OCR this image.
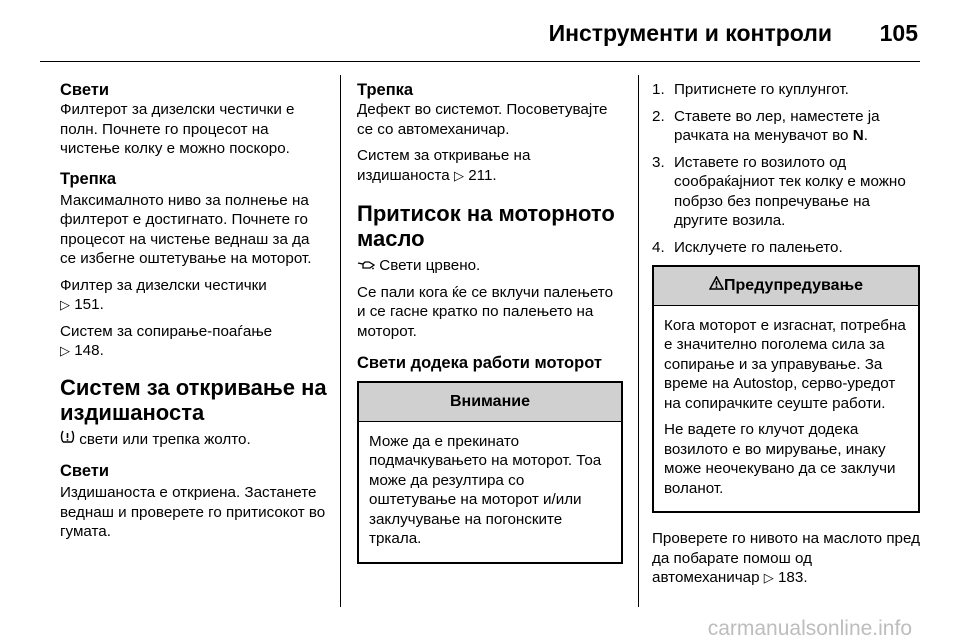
Инструменти и контроли 105
Свети

Филтерот за дизелски честички е полн. Почнете го процесот на чистење колку е можно поскоро.

Трепка

Максималното ниво за полнење на филтерот е достигнато. Почнете го процесот на чистење веднаш за да се избегне оштетување на моторот.

Филтер за дизелски честички
▷ 151.

Систем за сопирање-поаѓање
▷ 148.

Систем за откривање на издишаноста

свети или трепка жолто.

Свети

Издишаноста е откриена. Застанете веднаш и проверете го притисокот во гумата.

Трепка

Дефект во системот. Посоветувајте се со автомеханичар.

Систем за откривање на издишаноста ▷ 211.

Притисок на моторното масло

Свети црвено.

Се пали кога ќе се вклучи палењето и се гасне кратко по палењето на моторот.

Свети додека работи моторот
Внимание

Може да е прекинато подмачкувањето на моторот. Тоа може да резултира со оштетување на моторот и/или заклучување на погонските тркала.

1. Притиснете го куплунгот.
2. Ставете во лер, наместете ја рачката на менувачот во N.
3. Иставете го возилото од сообраќајниот тек колку е можно побрзо без попречување на другите возила.
4. Исклучете го палењето.
Предупредување

Кога моторот е изгаснат, потребна е значително поголема сила за сопирање и за управување. За време на Autostop, серво-уредот на сопирачките сеуште работи.

Не вадете го клучот додека возилото е во мирување, инаку може неочекувано да се заклучи воланот.

Проверете го нивото на маслото пред да побарате помош од автомеханичар ▷ 183.

carmanualsonline.info
